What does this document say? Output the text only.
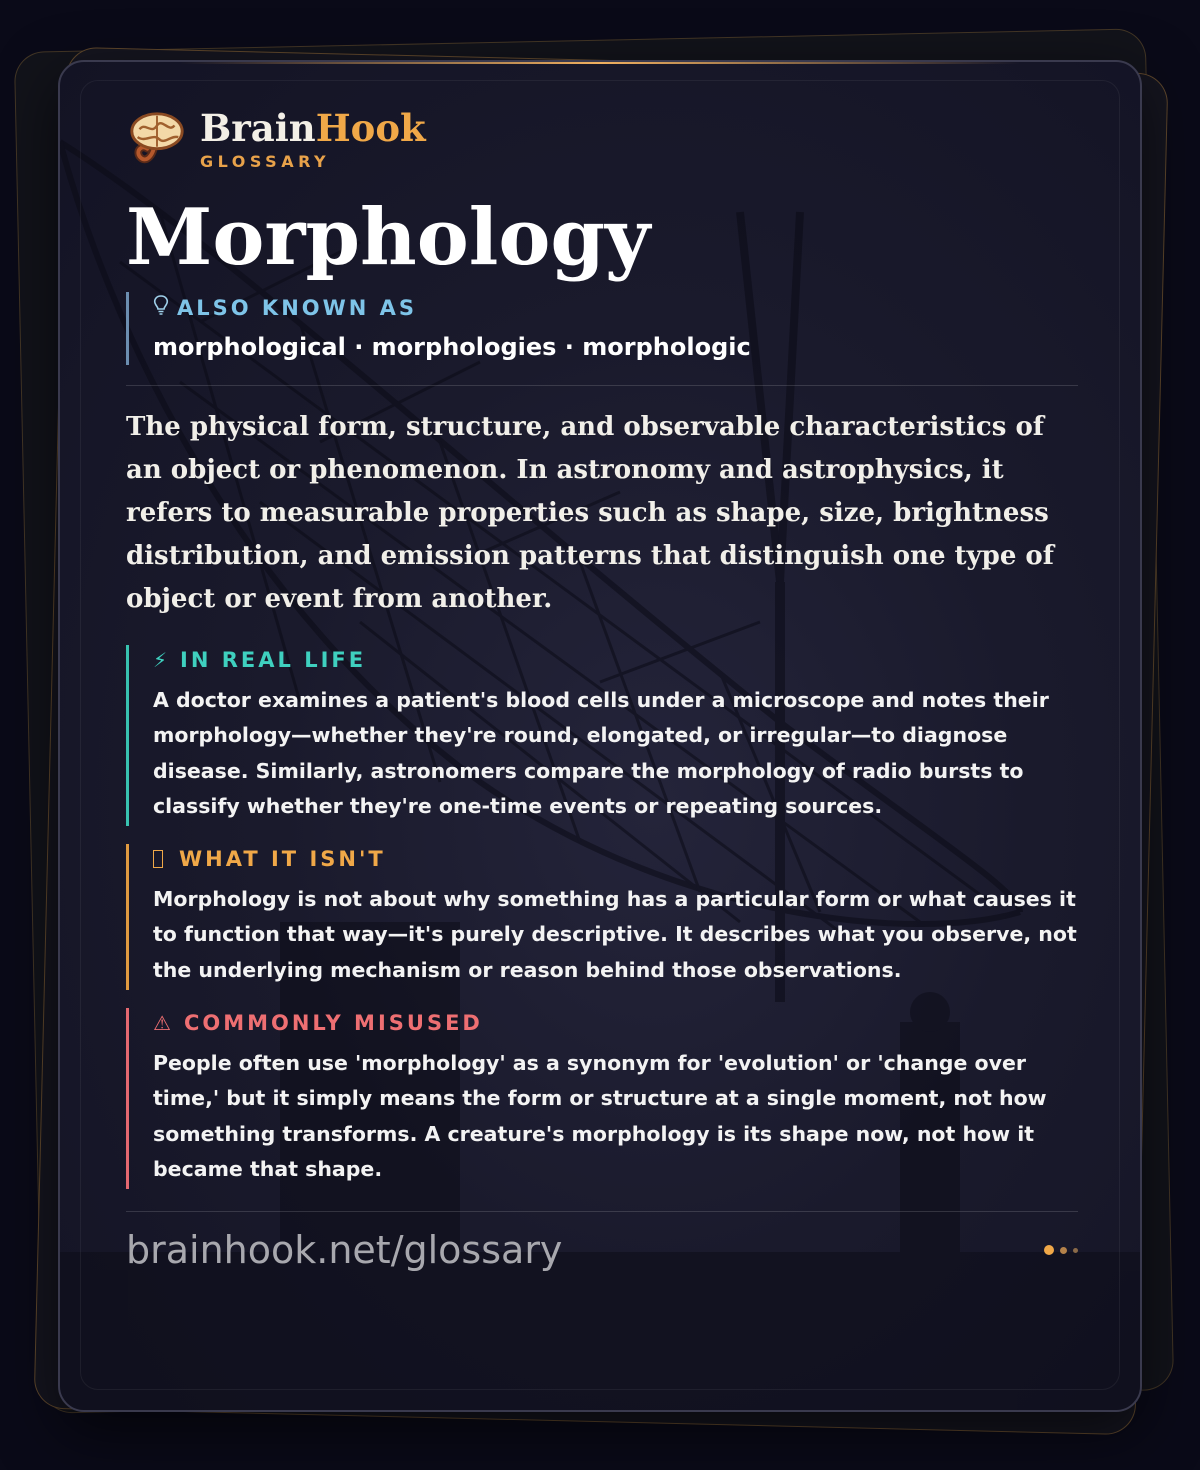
BrainHook
GLOSSARY
Morphology
ALSO KNOWN AS
morphological · morphologies · morphologic
The physical form, structure, and observable characteristics of an object or phenomenon. In astronomy and astrophysics, it refers to measurable properties such as shape, size, brightness distribution, and emission patterns that distinguish one type of object or event from another.
⚡ IN REAL LIFE
A doctor examines a patient's blood cells under a microscope and notes their morphology—whether they're round, elongated, or irregular—to diagnose disease. Similarly, astronomers compare the morphology of radio bursts to classify whether they're one-time events or repeating sources.
WHAT IT ISN'T
Morphology is not about why something has a particular form or what causes it to function that way—it's purely descriptive. It describes what you observe, not the underlying mechanism or reason behind those observations.
⚠ COMMONLY MISUSED
People often use 'morphology' as a synonym for 'evolution' or 'change over time,' but it simply means the form or structure at a single moment, not how something transforms. A creature's morphology is its shape now, not how it became that shape.
brainhook.net/glossary
